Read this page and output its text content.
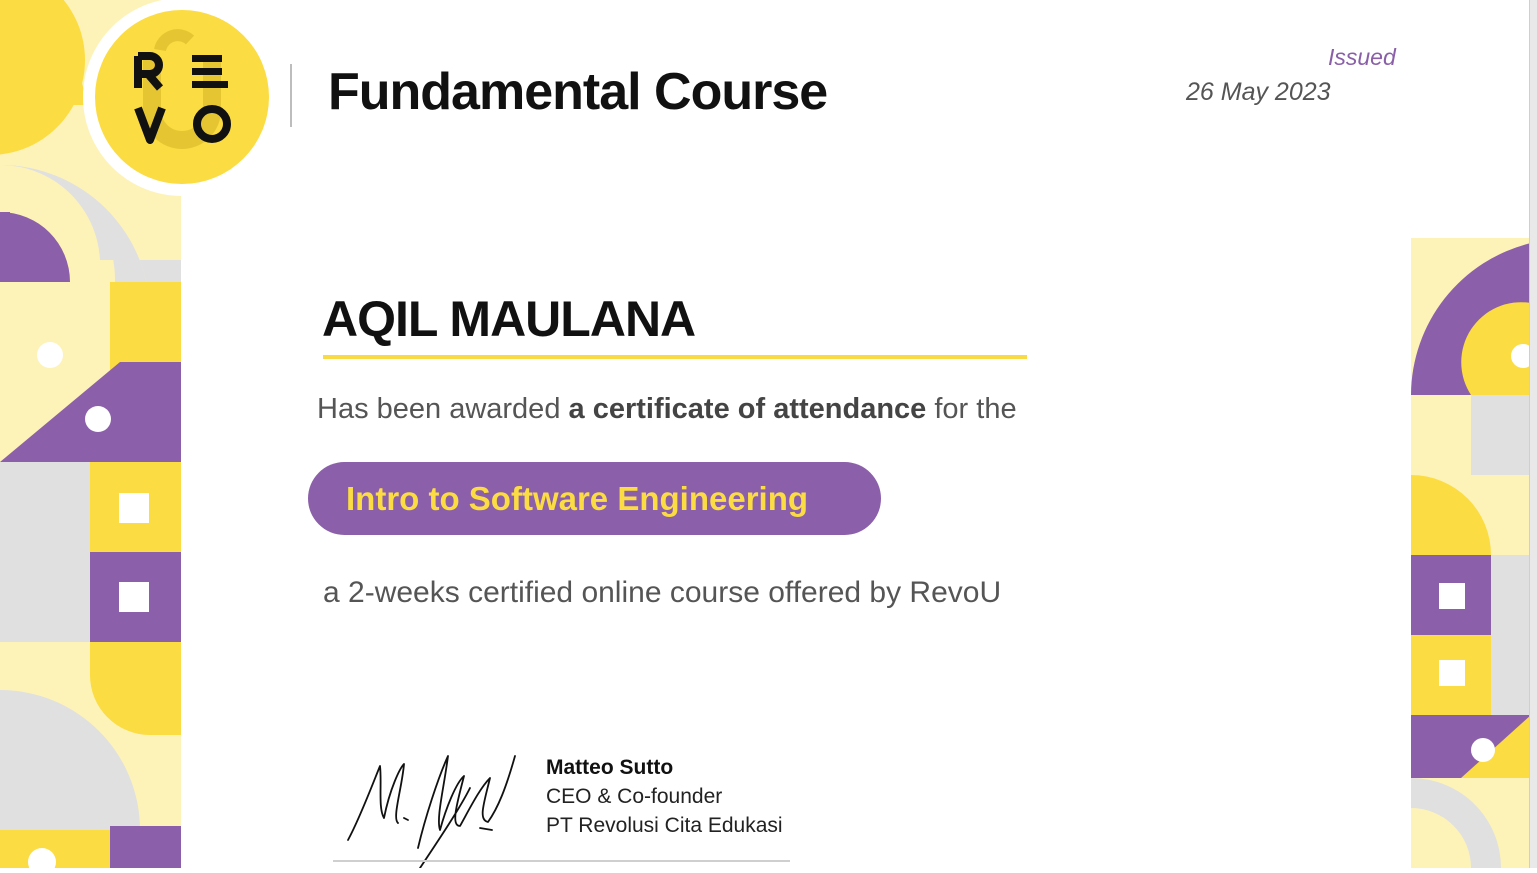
Fundamental Course
Issued
26 May 2023
AQIL MAULANA
Has been awarded a certificate of attendance for the
Intro to Software Engineering
a 2-weeks certified online course offered by RevoU
Matteo Sutto
CEO & Co-founder
PT Revolusi Cita Edukasi
